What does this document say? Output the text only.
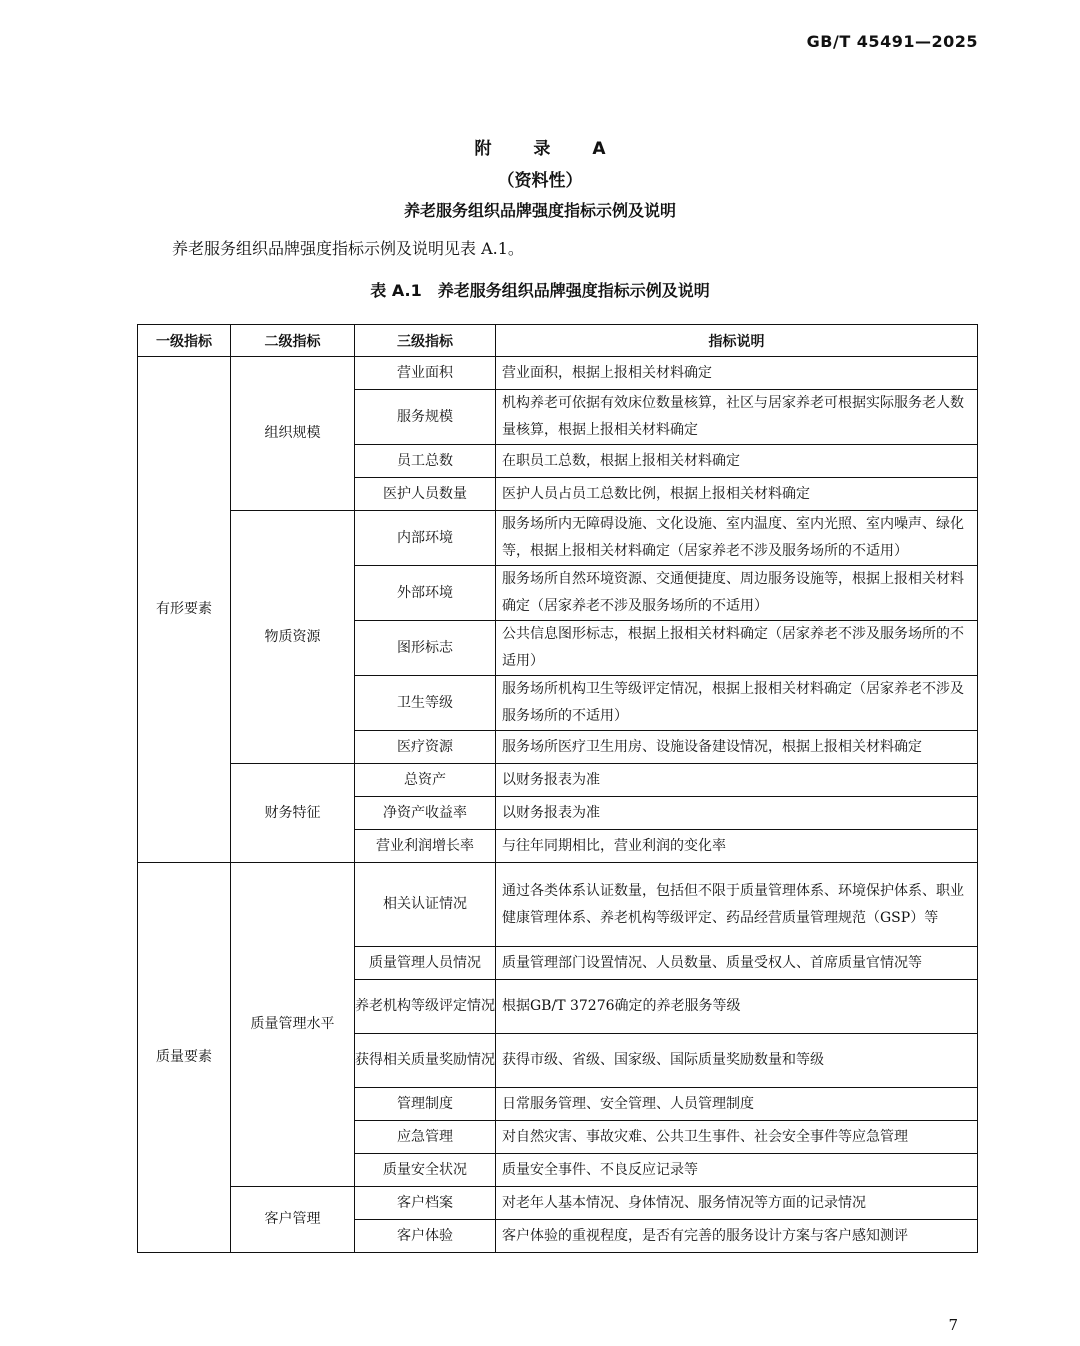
GB/T 45491—2025
附 录 A
（资料性）
养老服务组织品牌强度指标示例及说明
养老服务组织品牌强度指标示例及说明见表 A.1。
表 A.1　养老服务组织品牌强度指标示例及说明
一级指标	二级指标	三级指标	指标说明
有形要素	组织规模	营业面积	营业面积，根据上报相关材料确定
		服务规模	机构养老可依据有效床位数量核算，社区与居家养老可根据实际服务老人数量核算，根据上报相关材料确定
		员工总数	在职员工总数，根据上报相关材料确定
		医护人员数量	医护人员占员工总数比例，根据上报相关材料确定
	物质资源	内部环境	服务场所内无障碍设施、文化设施、室内温度、室内光照、室内噪声、绿化等，根据上报相关材料确定（居家养老不涉及服务场所的不适用）
		外部环境	服务场所自然环境资源、交通便捷度、周边服务设施等，根据上报相关材料确定（居家养老不涉及服务场所的不适用）
		图形标志	公共信息图形标志，根据上报相关材料确定（居家养老不涉及服务场所的不适用）
		卫生等级	服务场所机构卫生等级评定情况，根据上报相关材料确定（居家养老不涉及服务场所的不适用）
		医疗资源	服务场所医疗卫生用房、设施设备建设情况，根据上报相关材料确定
	财务特征	总资产	以财务报表为准
		净资产收益率	以财务报表为准
		营业利润增长率	与往年同期相比，营业利润的变化率
质量要素	质量管理水平	相关认证情况	通过各类体系认证数量，包括但不限于质量管理体系、环境保护体系、职业健康管理体系、养老机构等级评定、药品经营质量管理规范（GSP）等
		质量管理人员情况	质量管理部门设置情况、人员数量、质量受权人、首席质量官情况等
		养老机构等级评定情况	根据GB/T 37276确定的养老服务等级
		获得相关质量奖励情况	获得市级、省级、国家级、国际质量奖励数量和等级
		管理制度	日常服务管理、安全管理、人员管理制度
		应急管理	对自然灾害、事故灾难、公共卫生事件、社会安全事件等应急管理
		质量安全状况	质量安全事件、不良反应记录等
	客户管理	客户档案	对老年人基本情况、身体情况、服务情况等方面的记录情况
		客户体验	客户体验的重视程度，是否有完善的服务设计方案与客户感知测评
7
